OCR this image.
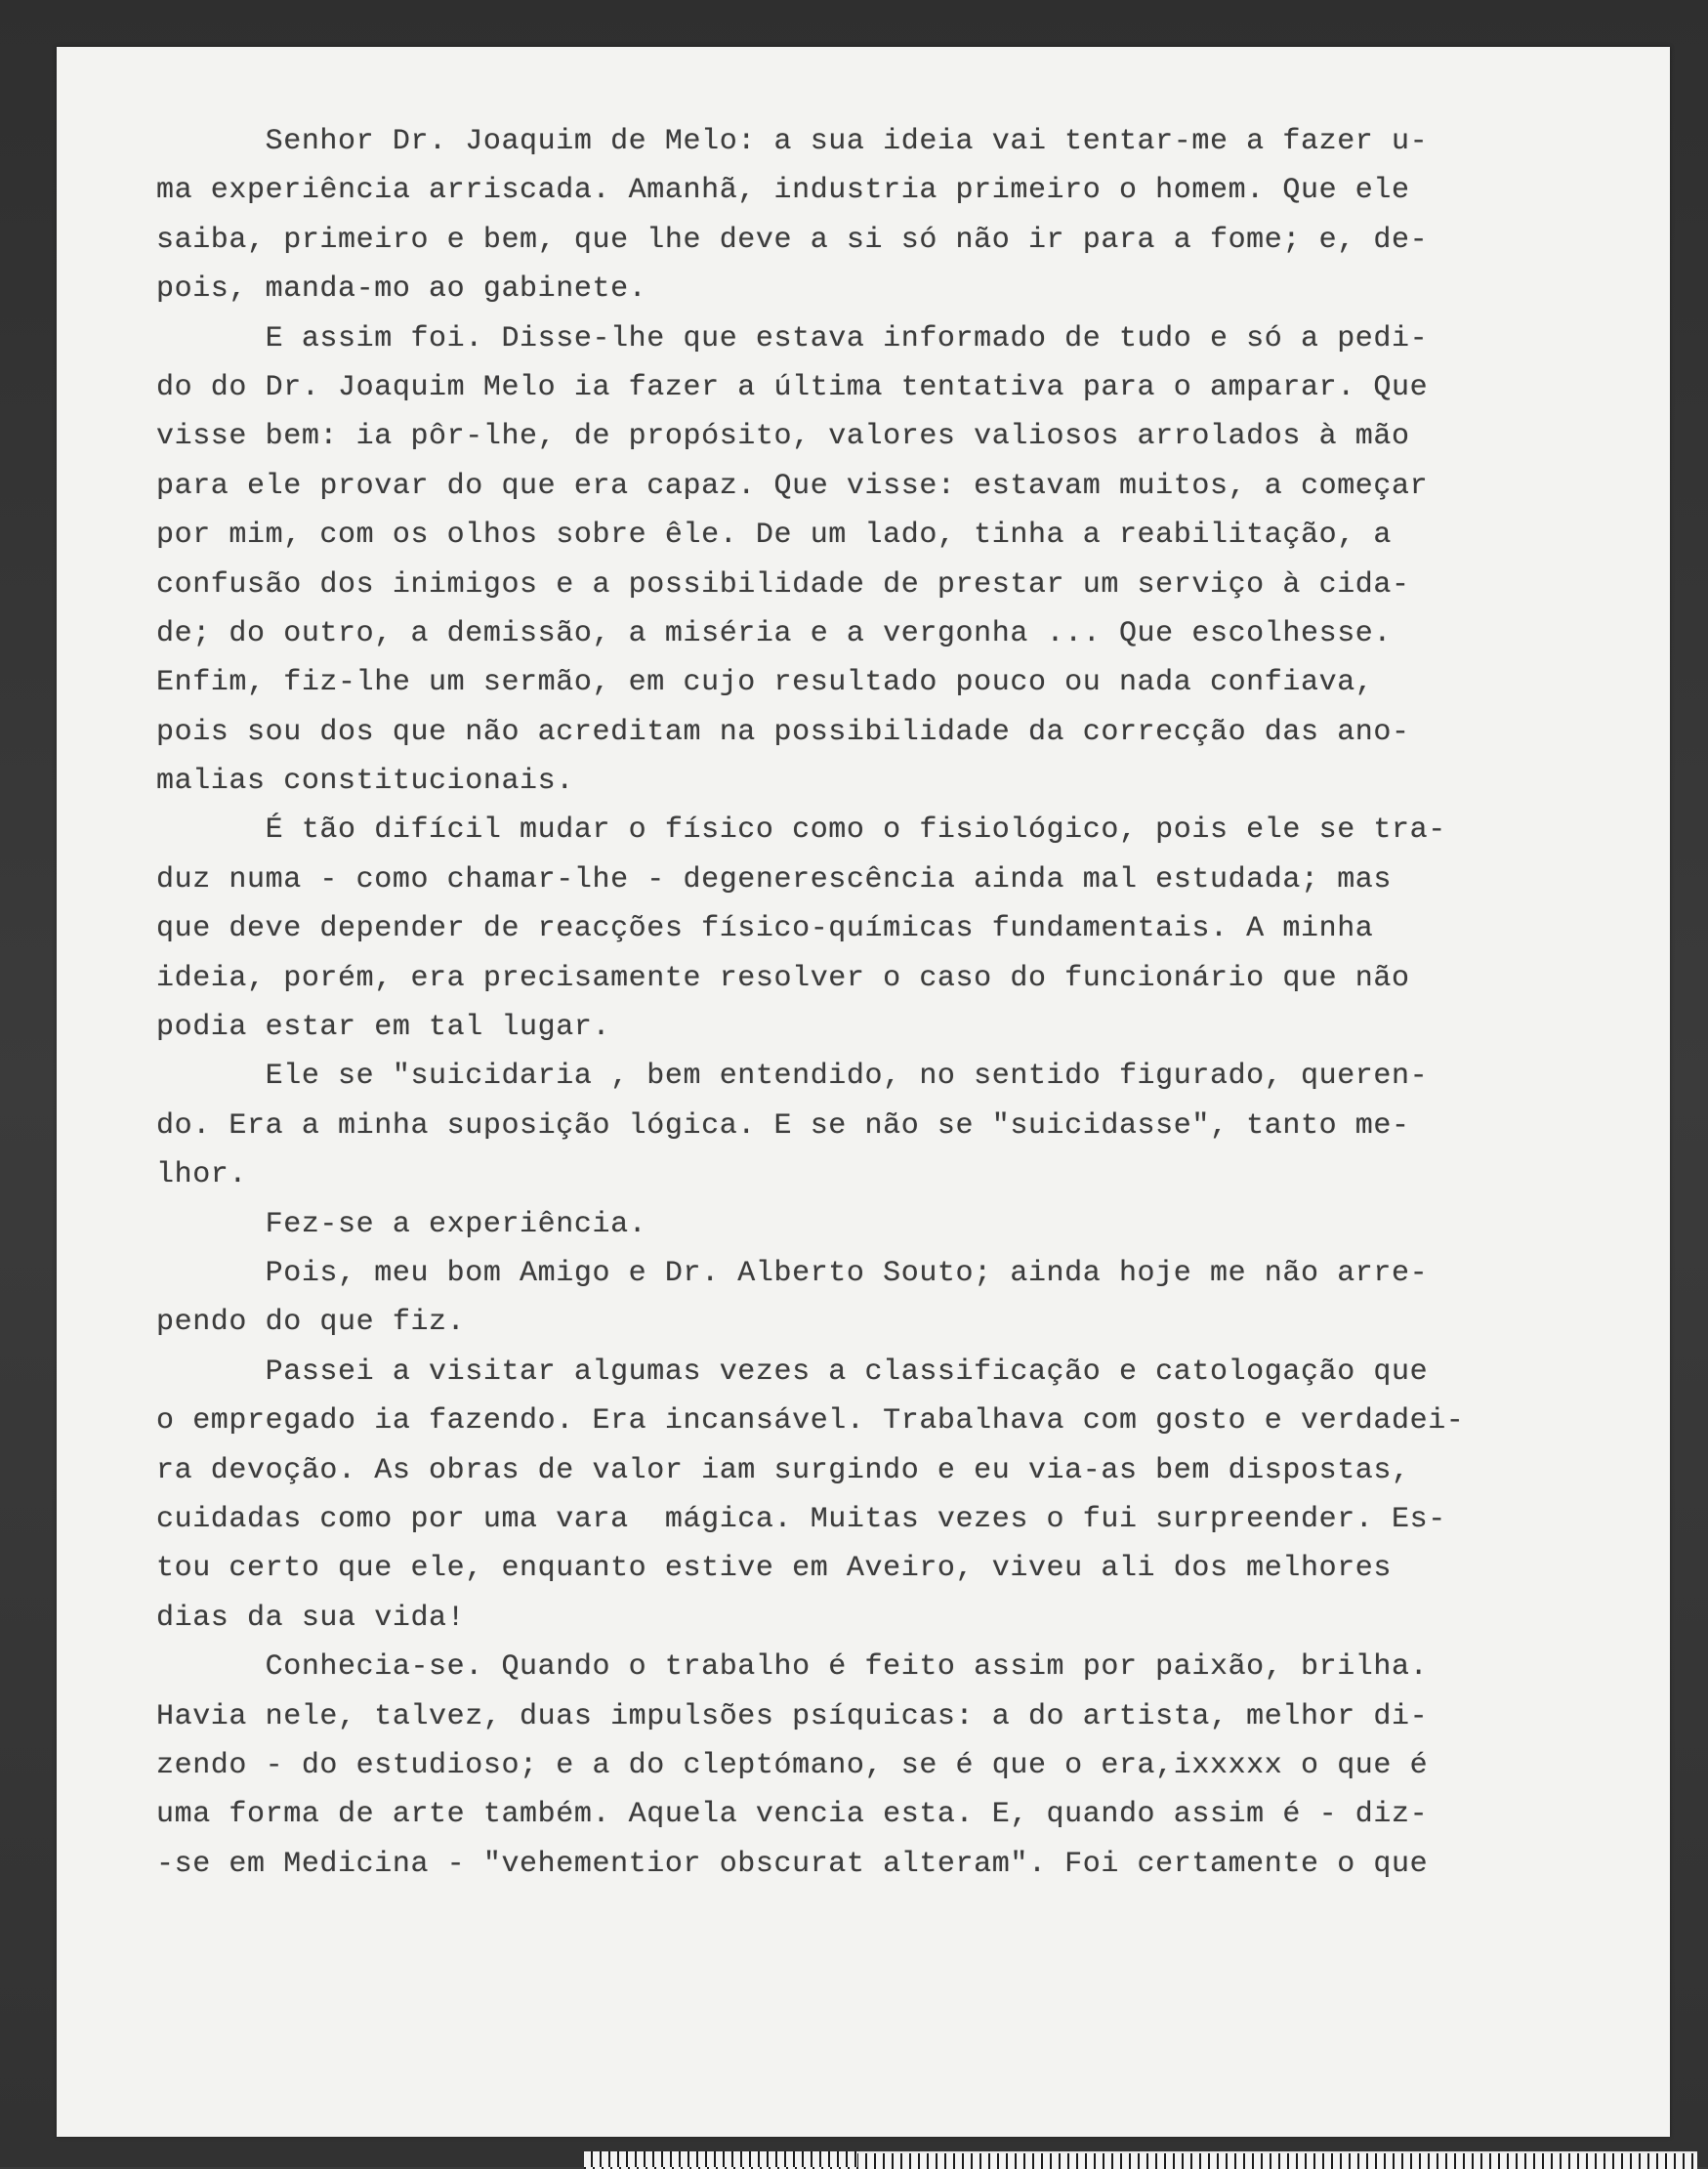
Senhor Dr. Joaquim de Melo: a sua ideia vai tentar-me a fazer u-
ma experiência arriscada. Amanhã, industria primeiro o homem. Que ele
saiba, primeiro e bem, que lhe deve a si só não ir para a fome; e, de-
pois, manda-mo ao gabinete.
E assim foi. Disse-lhe que estava informado de tudo e só a pedi-
do do Dr. Joaquim Melo ia fazer a última tentativa para o amparar. Que
visse bem: ia pôr-lhe, de propósito, valores valiosos arrolados à mão
para ele provar do que era capaz. Que visse: estavam muitos, a começar
por mim, com os olhos sobre êle. De um lado, tinha a reabilitação, a
confusão dos inimigos e a possibilidade de prestar um serviço à cida-
de; do outro, a demissão, a miséria e a vergonha ... Que escolhesse.
Enfim, fiz-lhe um sermão, em cujo resultado pouco ou nada confiava,
pois sou dos que não acreditam na possibilidade da correcção das ano-
malias constitucionais.
É tão difícil mudar o físico como o fisiológico, pois ele se tra-
duz numa - como chamar-lhe - degenerescência ainda mal estudada; mas
que deve depender de reacções físico-químicas fundamentais. A minha
ideia, porém, era precisamente resolver o caso do funcionário que não
podia estar em tal lugar.
Ele se "suicidaria , bem entendido, no sentido figurado, queren-
do. Era a minha suposição lógica. E se não se "suicidasse", tanto me-
lhor.
Fez-se a experiência.
Pois, meu bom Amigo e Dr. Alberto Souto; ainda hoje me não arre-
pendo do que fiz.
Passei a visitar algumas vezes a classificação e catologação que
o empregado ia fazendo. Era incansável. Trabalhava com gosto e verdadei-
ra devoção. As obras de valor iam surgindo e eu via-as bem dispostas,
cuidadas como por uma vara  mágica. Muitas vezes o fui surpreender. Es-
tou certo que ele, enquanto estive em Aveiro, viveu ali dos melhores
dias da sua vida!
Conhecia-se. Quando o trabalho é feito assim por paixão, brilha.
Havia nele, talvez, duas impulsões psíquicas: a do artista, melhor di-
zendo - do estudioso; e a do cleptómano, se é que o era,ixxxxx o que é
uma forma de arte também. Aquela vencia esta. E, quando assim é - diz-
-se em Medicina - "vehementior obscurat alteram". Foi certamente o que
